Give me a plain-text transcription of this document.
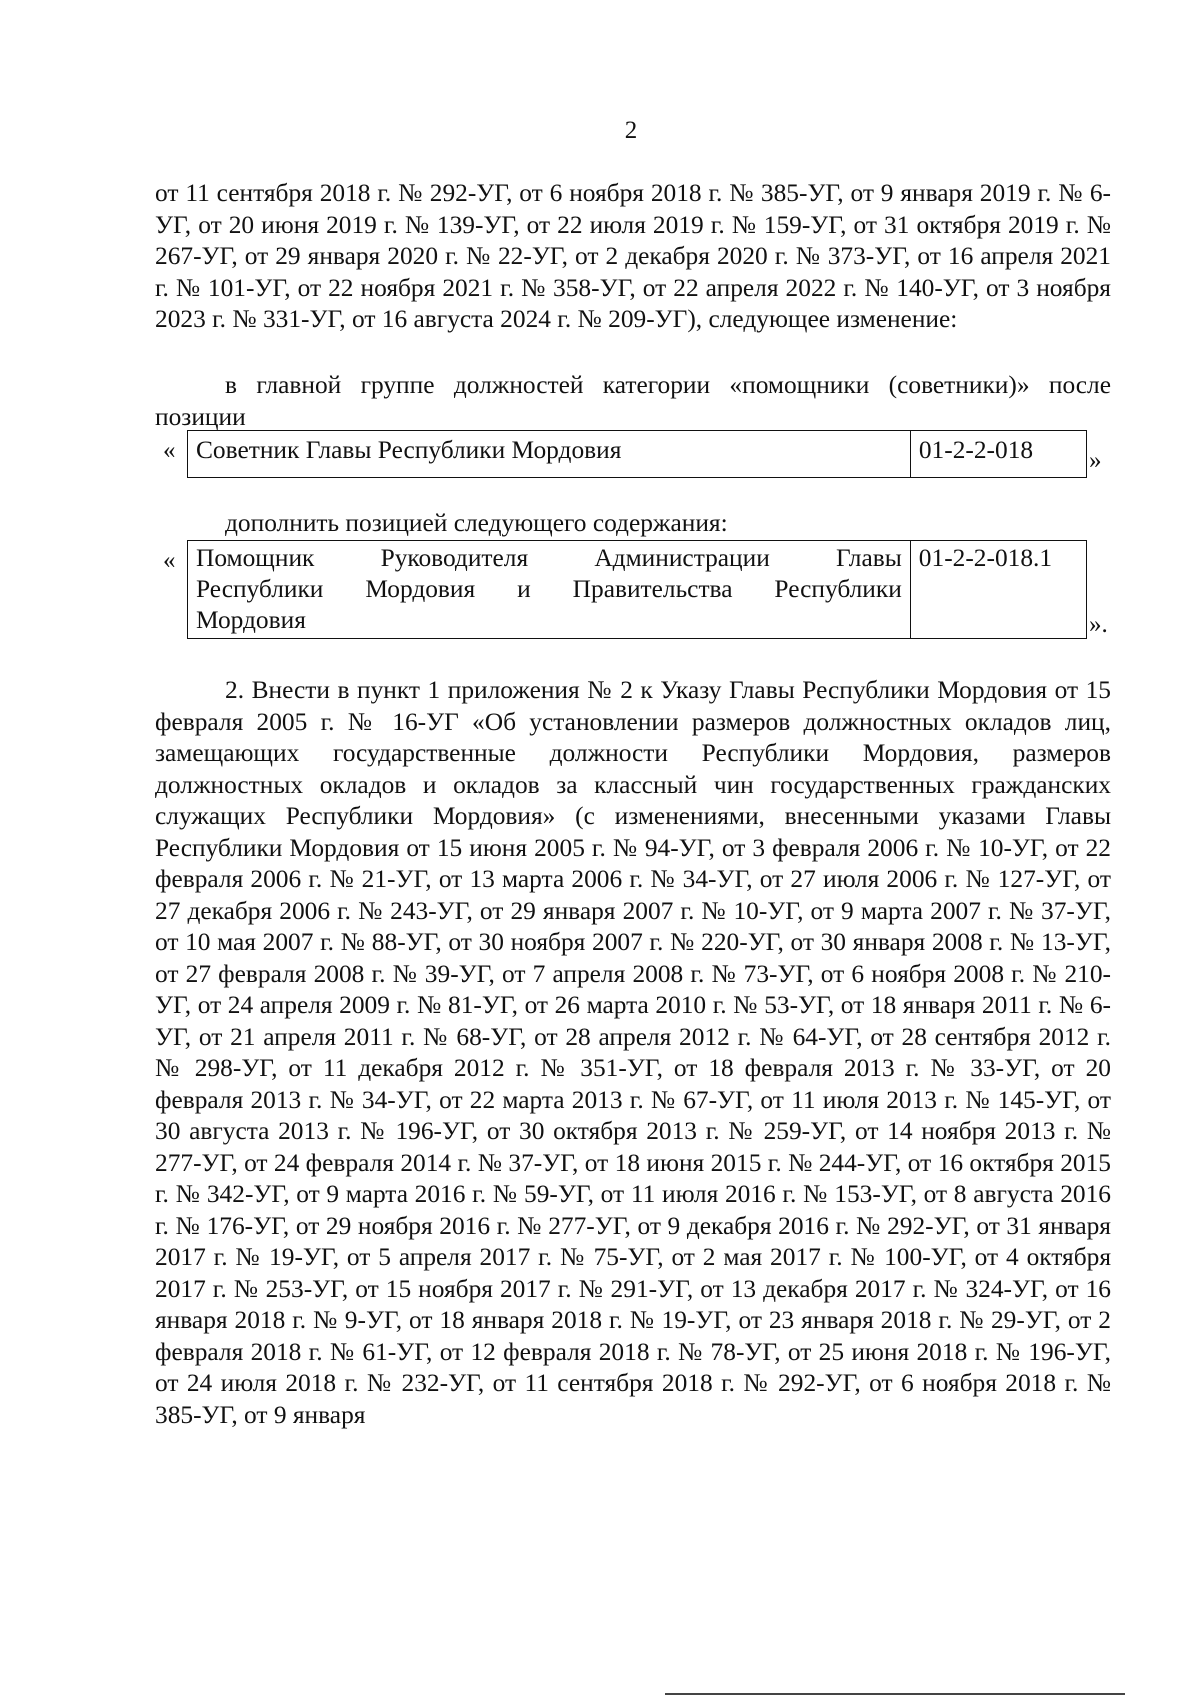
2

от 11 сентября 2018 г. № 292-УГ, от 6 ноября 2018 г. № 385-УГ, от 9 января 2019 г. № 6-УГ, от 20 июня 2019 г. № 139-УГ, от 22 июля 2019 г. № 159-УГ, от 31 октября 2019 г. № 267-УГ, от 29 января 2020 г. № 22-УГ, от 2 декабря 2020 г. № 373-УГ, от 16 апреля 2021 г. № 101-УГ, от 22 ноября 2021 г. № 358-УГ, от 22 апреля 2022 г. № 140-УГ, от 3 ноября 2023 г. № 331-УГ, от 16 августа 2024 г. № 209-УГ), следующее изменение:

в главной группе должностей категории «помощники (советники)» после позиции

« Советник Главы Республики Мордовия	01-2-2-018 »

дополнить позицией следующего содержания:

« Помощник Руководителя Администрации Главы
Республики Мордовия и Правительства Республики
Мордовия
	01-2-2-018.1
».

2. Внести в пункт 1 приложения № 2 к Указу Главы Республики Мордовия от 15 февраля 2005 г. № 16-УГ «Об установлении размеров должностных окладов лиц, замещающих государственные должности Республики Мордовия, размеров должностных окладов и окладов за классный чин государственных гражданских служащих Республики Мордовия» (с изменениями, внесенными указами Главы Республики Мордовия от 15 июня 2005 г. № 94-УГ, от 3 февраля 2006 г. № 10-УГ, от 22 февраля 2006 г. № 21-УГ, от 13 марта 2006 г. № 34-УГ, от 27 июля 2006 г. № 127-УГ, от 27 декабря 2006 г. № 243-УГ, от 29 января 2007 г. № 10-УГ, от 9 марта 2007 г. № 37-УГ, от 10 мая 2007 г. № 88-УГ, от 30 ноября 2007 г. № 220-УГ, от 30 января 2008 г. № 13-УГ, от 27 февраля 2008 г. № 39-УГ, от 7 апреля 2008 г. № 73-УГ, от 6 ноября 2008 г. № 210-УГ, от 24 апреля 2009 г. № 81-УГ, от 26 марта 2010 г. № 53-УГ, от 18 января 2011 г. № 6-УГ, от 21 апреля 2011 г. № 68-УГ, от 28 апреля 2012 г. № 64-УГ, от 28 сентября 2012 г. № 298-УГ, от 11 декабря 2012 г. № 351-УГ, от 18 февраля 2013 г. № 33-УГ, от 20 февраля 2013 г. № 34-УГ, от 22 марта 2013 г. № 67-УГ, от 11 июля 2013 г. № 145-УГ, от 30 августа 2013 г. № 196-УГ, от 30 октября 2013 г. № 259-УГ, от 14 ноября 2013 г. № 277-УГ, от 24 февраля 2014 г. № 37-УГ, от 18 июня 2015 г. № 244-УГ, от 16 октября 2015 г. № 342-УГ, от 9 марта 2016 г. № 59-УГ, от 11 июля 2016 г. № 153-УГ, от 8 августа 2016 г. № 176-УГ, от 29 ноября 2016 г. № 277-УГ, от 9 декабря 2016 г. № 292-УГ, от 31 января 2017 г. № 19-УГ, от 5 апреля 2017 г. № 75-УГ, от 2 мая 2017 г. № 100-УГ, от 4 октября 2017 г. № 253-УГ, от 15 ноября 2017 г. № 291-УГ, от 13 декабря 2017 г. № 324-УГ, от 16 января 2018 г. № 9-УГ, от 18 января 2018 г. № 19-УГ, от 23 января 2018 г. № 29-УГ, от 2 февраля 2018 г. № 61-УГ, от 12 февраля 2018 г. № 78-УГ, от 25 июня 2018 г. № 196-УГ, от 24 июля 2018 г. № 232-УГ, от 11 сентября 2018 г. № 292-УГ, от 6 ноября 2018 г. № 385-УГ, от 9 января
